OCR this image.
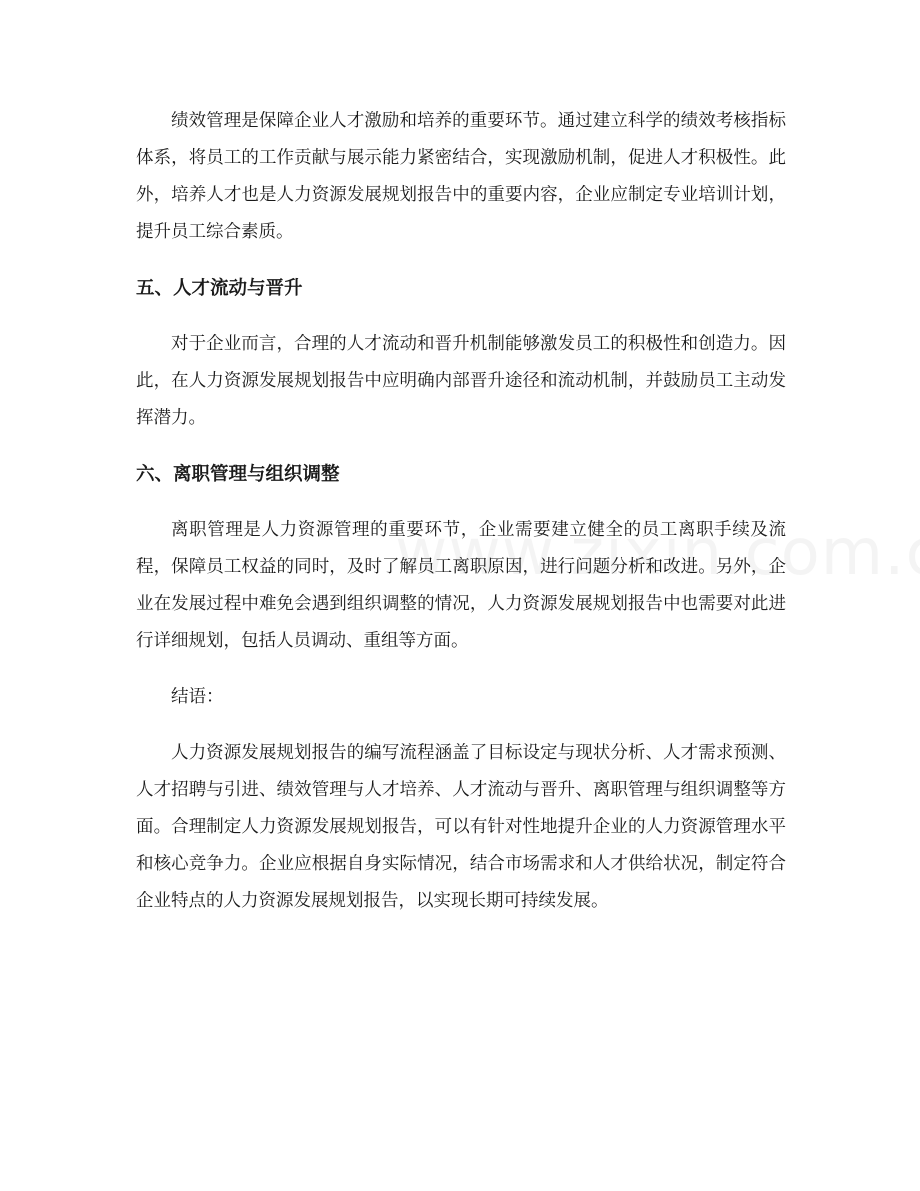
绩效管理是保障企业人才激励和培养的重要环节。通过建立科学的绩效考核指标体系，将员工的工作贡献与展示能力紧密结合，实现激励机制，促进人才积极性。此外，培养人才也是人力资源发展规划报告中的重要内容，企业应制定专业培训计划，提升员工综合素质。

五、人才流动与晋升

对于企业而言，合理的人才流动和晋升机制能够激发员工的积极性和创造力。因此，在人力资源发展规划报告中应明确内部晋升途径和流动机制，并鼓励员工主动发挥潜力。

六、离职管理与组织调整

离职管理是人力资源管理的重要环节，企业需要建立健全的员工离职手续及流程，保障员工权益的同时，及时了解员工离职原因，进行问题分析和改进。另外，企业在发展过程中难免会遇到组织调整的情况，人力资源发展规划报告中也需要对此进行详细规划，包括人员调动、重组等方面。

结语：

人力资源发展规划报告的编写流程涵盖了目标设定与现状分析、人才需求预测、人才招聘与引进、绩效管理与人才培养、人才流动与晋升、离职管理与组织调整等方面。合理制定人力资源发展规划报告，可以有针对性地提升企业的人力资源管理水平和核心竞争力。企业应根据自身实际情况，结合市场需求和人才供给状况，制定符合企业特点的人力资源发展规划报告，以实现长期可持续发展。
